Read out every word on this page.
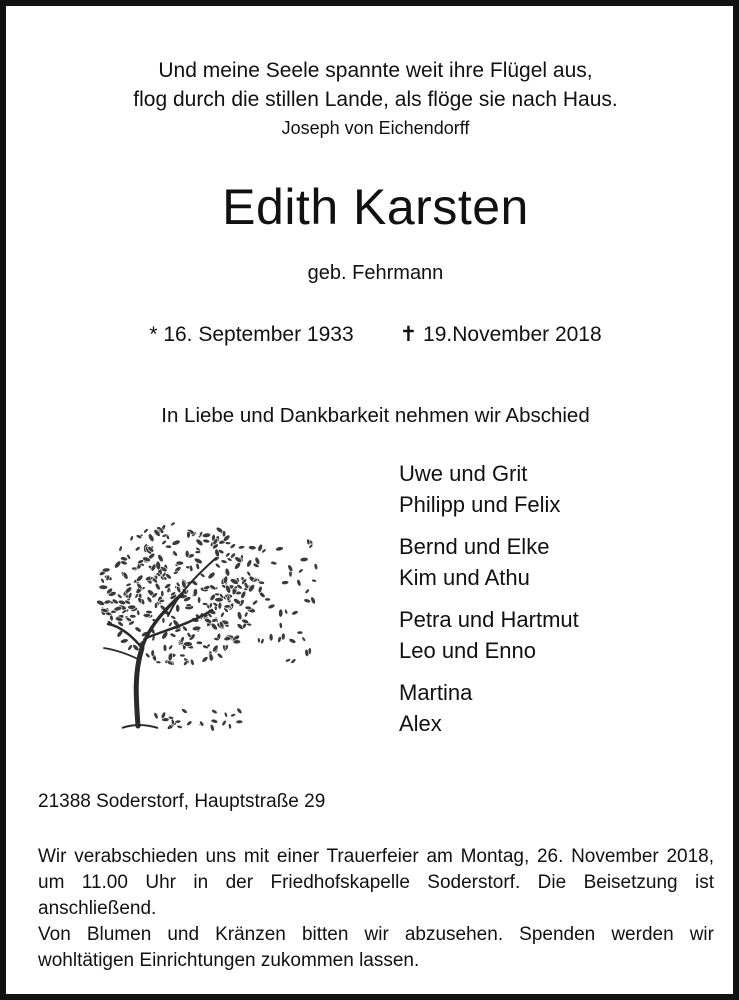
Und meine Seele spannte weit ihre Flügel aus,
flog durch die stillen Lande, als flöge sie nach Haus.
Joseph von Eichendorff
Edith Karsten
geb. Fehrmann
* 16. September 1933 ✝ 19.November 2018
In Liebe und Dankbarkeit nehmen wir Abschied
Uwe und Grit
Philipp und Felix
Bernd und Elke
Kim und Athu
Petra und Hartmut
Leo und Enno
Martina
Alex
21388 Soderstorf, Hauptstraße 29

Wir verabschieden uns mit einer Trauerfeier am Montag, 26. November 2018, um 11.00 Uhr in der Friedhofskapelle Soderstorf. Die Beisetzung ist anschließend.

Von Blumen und Kränzen bitten wir abzusehen. Spenden werden wir wohltätigen Einrichtungen zukommen lassen.
